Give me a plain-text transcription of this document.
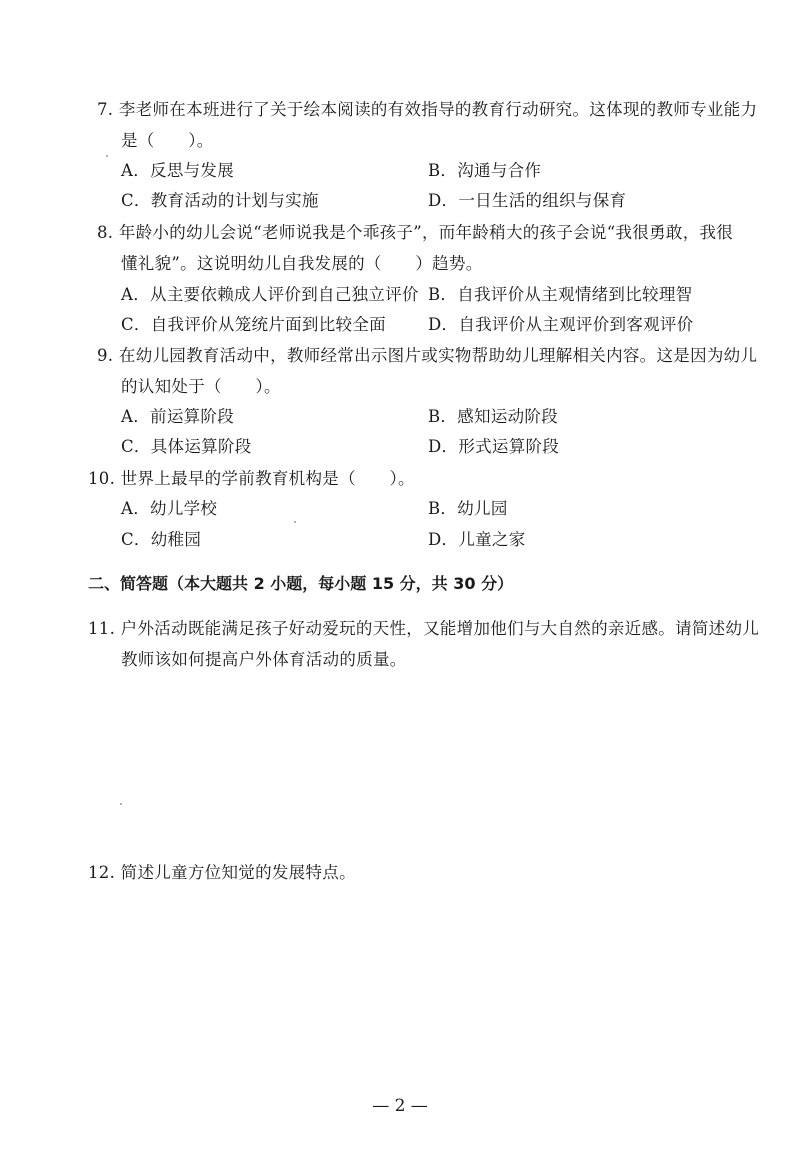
7. 李老师在本班进行了关于绘本阅读的有效指导的教育行动研究。这体现的教师专业能力
是（　　）。
A．反思与发展	B．沟通与合作
C．教育活动的计划与实施	D．一日生活的组织与保育
8. 年龄小的幼儿会说“老师说我是个乖孩子”，而年龄稍大的孩子会说“我很勇敢，我很
懂礼貌”。这说明幼儿自我发展的（　　）趋势。
A．从主要依赖成人评价到自己独立评价 B．自我评价从主观情绪到比较理智
C．自我评价从笼统片面到比较全面	D．自我评价从主观评价到客观评价
9. 在幼儿园教育活动中，教师经常出示图片或实物帮助幼儿理解相关内容。这是因为幼儿
的认知处于（　　）。
A．前运算阶段	B．感知运动阶段
C．具体运算阶段	D．形式运算阶段
10. 世界上最早的学前教育机构是（　　）。
A．幼儿学校	B．幼儿园
C．幼稚园	D．儿童之家
二、简答题（本大题共 2 小题，每小题 15 分，共 30 分）
11. 户外活动既能满足孩子好动爱玩的天性，又能增加他们与大自然的亲近感。请简述幼儿
教师该如何提高户外体育活动的质量。
12. 简述儿童方位知觉的发展特点。
— 2 —
